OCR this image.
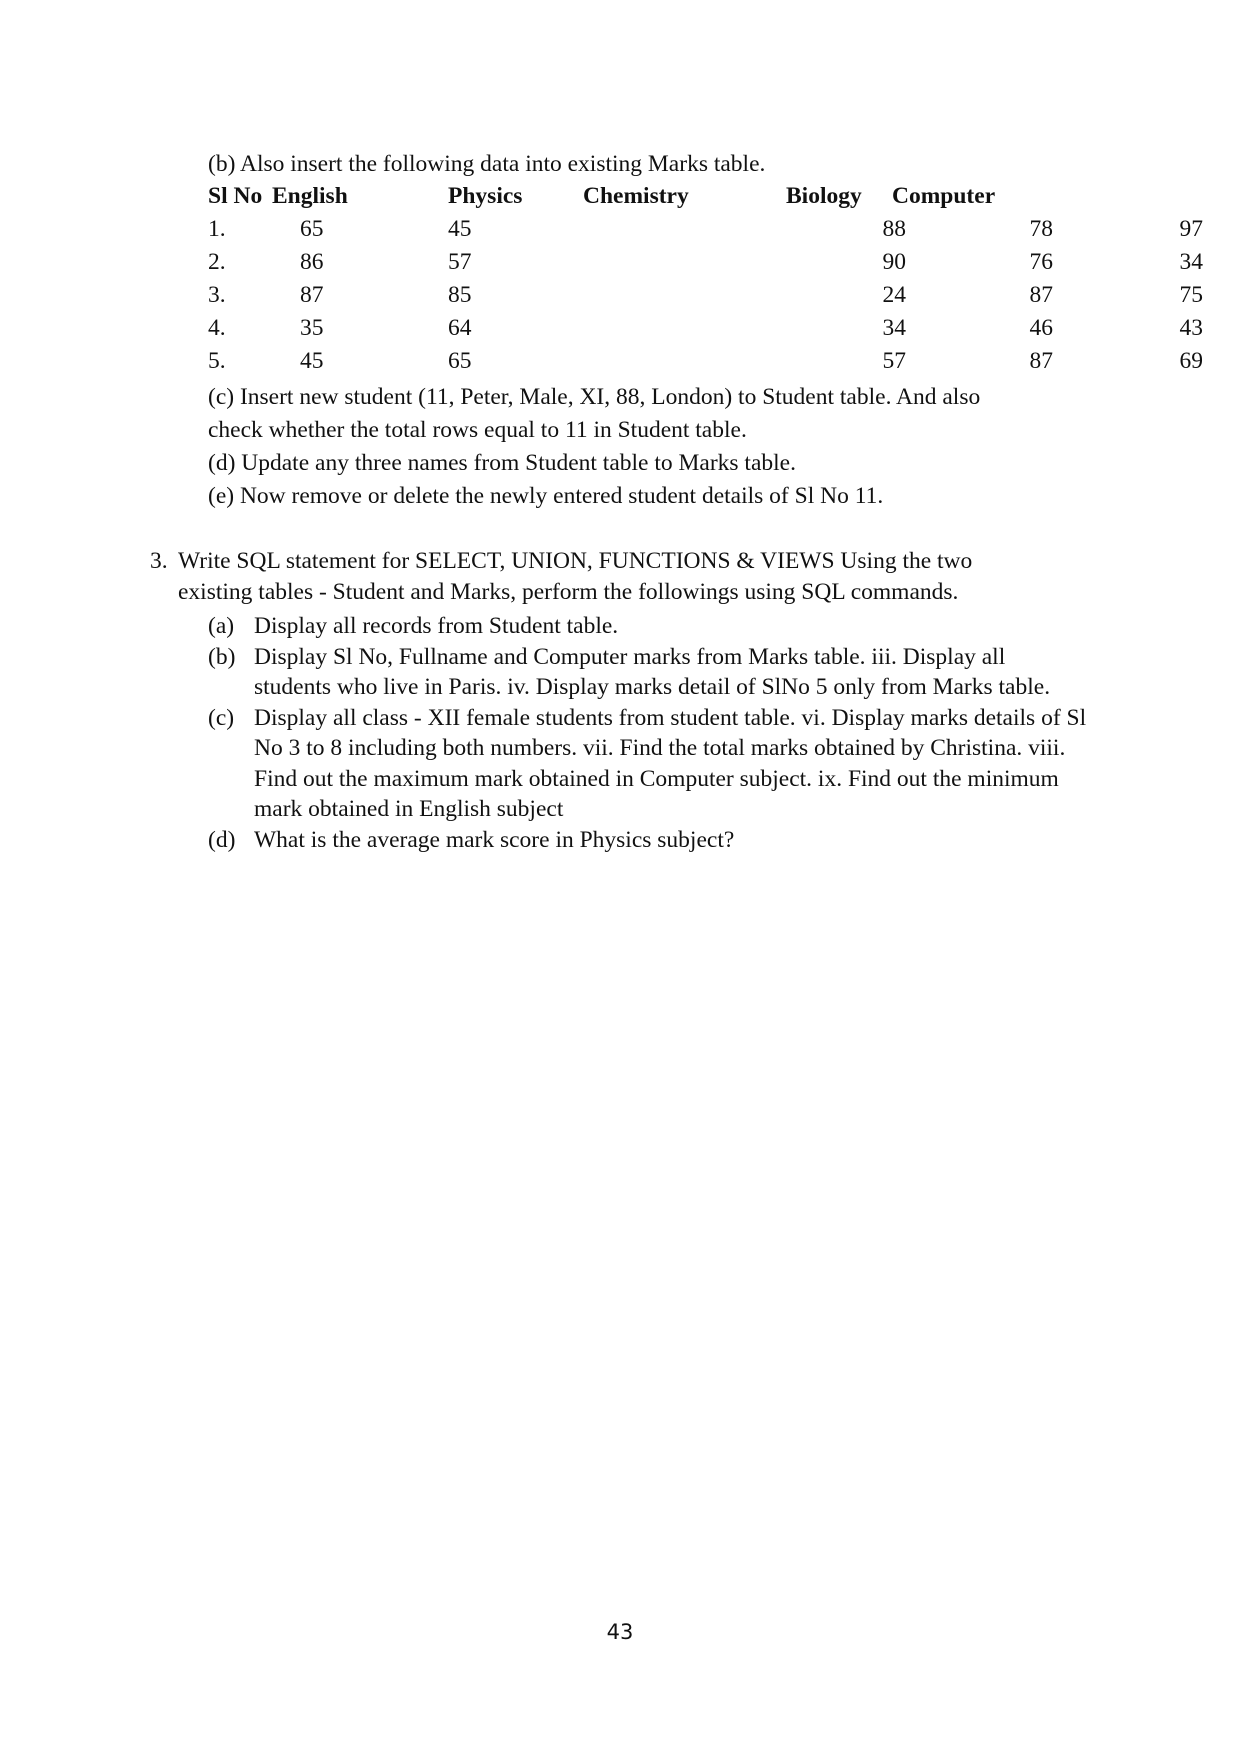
(b) Also insert the following data into existing Marks table.
Sl No English	Physics	Chemistry	Biology Computer
1.	65	45	88	78	97
2.	86	57	90	76	34
3.	87	85	24	87	75
4.	35	64	34	46	43
5.	45	65	57	87	69
(c) Insert new student (11, Peter, Male, XI, 88, London) to Student table. And also
check whether the total rows equal to 11 in Student table.
(d) Update any three names from Student table to Marks table.
(e) Now remove or delete the newly entered student details of Sl No 11.
3. Write SQL statement for SELECT, UNION, FUNCTIONS & VIEWS Using the two
existing tables - Student and Marks, perform the followings using SQL commands.
(a) Display all records from Student table.
(b) Display Sl No, Fullname and Computer marks from Marks table. iii. Display all students who live in Paris. iv. Display marks detail of SlNo 5 only from Marks table.
(c) Display all class - XII female students from student table. vi. Display marks details of Sl No 3 to 8 including both numbers. vii. Find the total marks obtained by Christina. viii. Find out the maximum mark obtained in Computer subject. ix. Find out the minimum mark obtained in English subject
(d) What is the average mark score in Physics subject?
43
